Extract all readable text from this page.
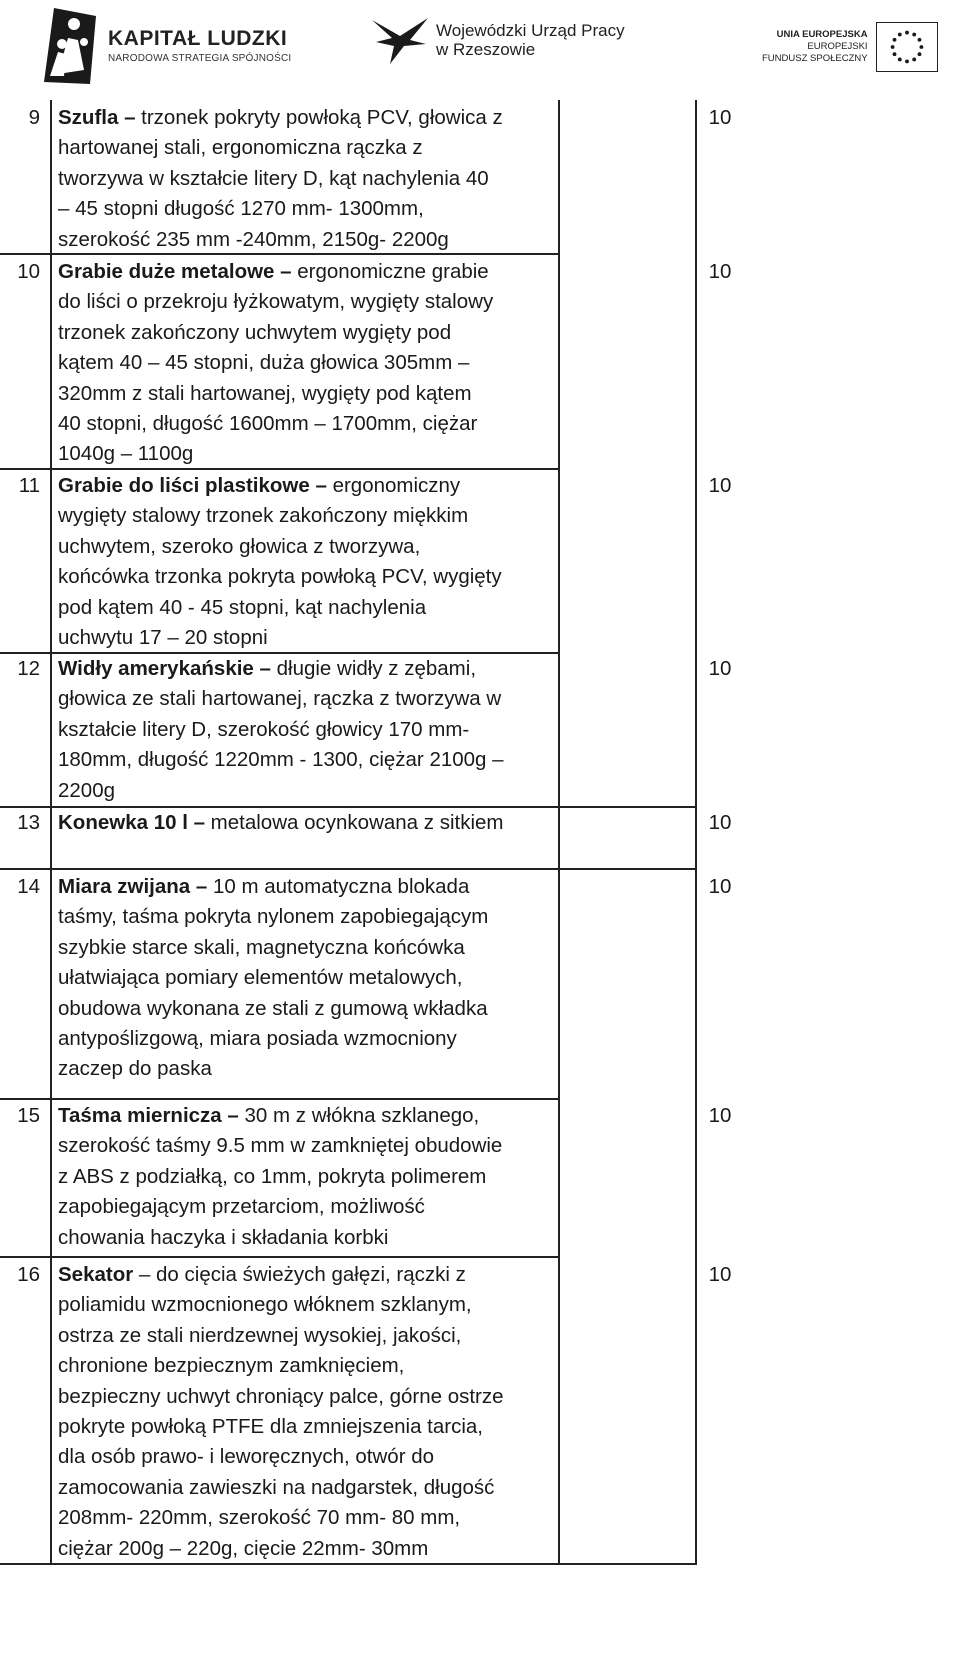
KAPITAŁ LUDZKI
NARODOWA STRATEGIA SPÓJNOŚCI
Wojewódzki Urząd Pracy
w Rzeszowie
UNIA EUROPEJSKA
EUROPEJSKI
FUNDUSZ SPOŁECZNY
9 Szufla – trzonek pokryty powłoką PCV, głowica z
hartowanej stali, ergonomiczna rączka z
tworzywa w kształcie litery D, kąt nachylenia 40
– 45 stopni długość 1270 mm- 1300mm,
szerokość 235 mm -240mm, 2150g- 2200g
10
10 Grabie duże metalowe – ergonomiczne grabie
do liści o przekroju łyżkowatym, wygięty stalowy
trzonek zakończony uchwytem wygięty pod
kątem 40 – 45 stopni, duża głowica 305mm –
320mm z stali hartowanej, wygięty pod kątem
40 stopni, długość 1600mm – 1700mm, ciężar
1040g – 1100g
10
11 Grabie do liści plastikowe – ergonomiczny
wygięty stalowy trzonek zakończony miękkim
uchwytem, szeroko głowica z tworzywa,
końcówka trzonka pokryta powłoką PCV, wygięty
pod kątem 40 - 45 stopni, kąt nachylenia
uchwytu 17 – 20 stopni
10
12 Widły amerykańskie – długie widły z zębami,
głowica ze stali hartowanej, rączka z tworzywa w
kształcie litery D, szerokość głowicy 170 mm-
180mm, długość 1220mm - 1300, ciężar 2100g –
2200g
10
13 Konewka 10 l – metalowa ocynkowana z sitkiem	10
14 Miara zwijana – 10 m automatyczna blokada
taśmy, taśma pokryta nylonem zapobiegającym
szybkie starce skali, magnetyczna końcówka
ułatwiająca pomiary elementów metalowych,
obudowa wykonana ze stali z gumową wkładka
antypoślizgową, miara posiada wzmocniony
zaczep do paska
10
15 Taśma miernicza – 30 m z włókna szklanego,
szerokość taśmy 9.5 mm w zamkniętej obudowie
z ABS z podziałką, co 1mm, pokryta polimerem
zapobiegającym przetarciom, możliwość
chowania haczyka i składania korbki
10
16 Sekator – do cięcia świeżych gałęzi, rączki z
poliamidu wzmocnionego włóknem szklanym,
ostrza ze stali nierdzewnej wysokiej, jakości,
chronione bezpiecznym zamknięciem,
bezpieczny uchwyt chroniący palce, górne ostrze
pokryte powłoką PTFE dla zmniejszenia tarcia,
dla osób prawo- i leworęcznych, otwór do
zamocowania zawieszki na nadgarstek, długość
208mm- 220mm, szerokość 70 mm- 80 mm,
ciężar 200g – 220g, cięcie 22mm- 30mm
10
